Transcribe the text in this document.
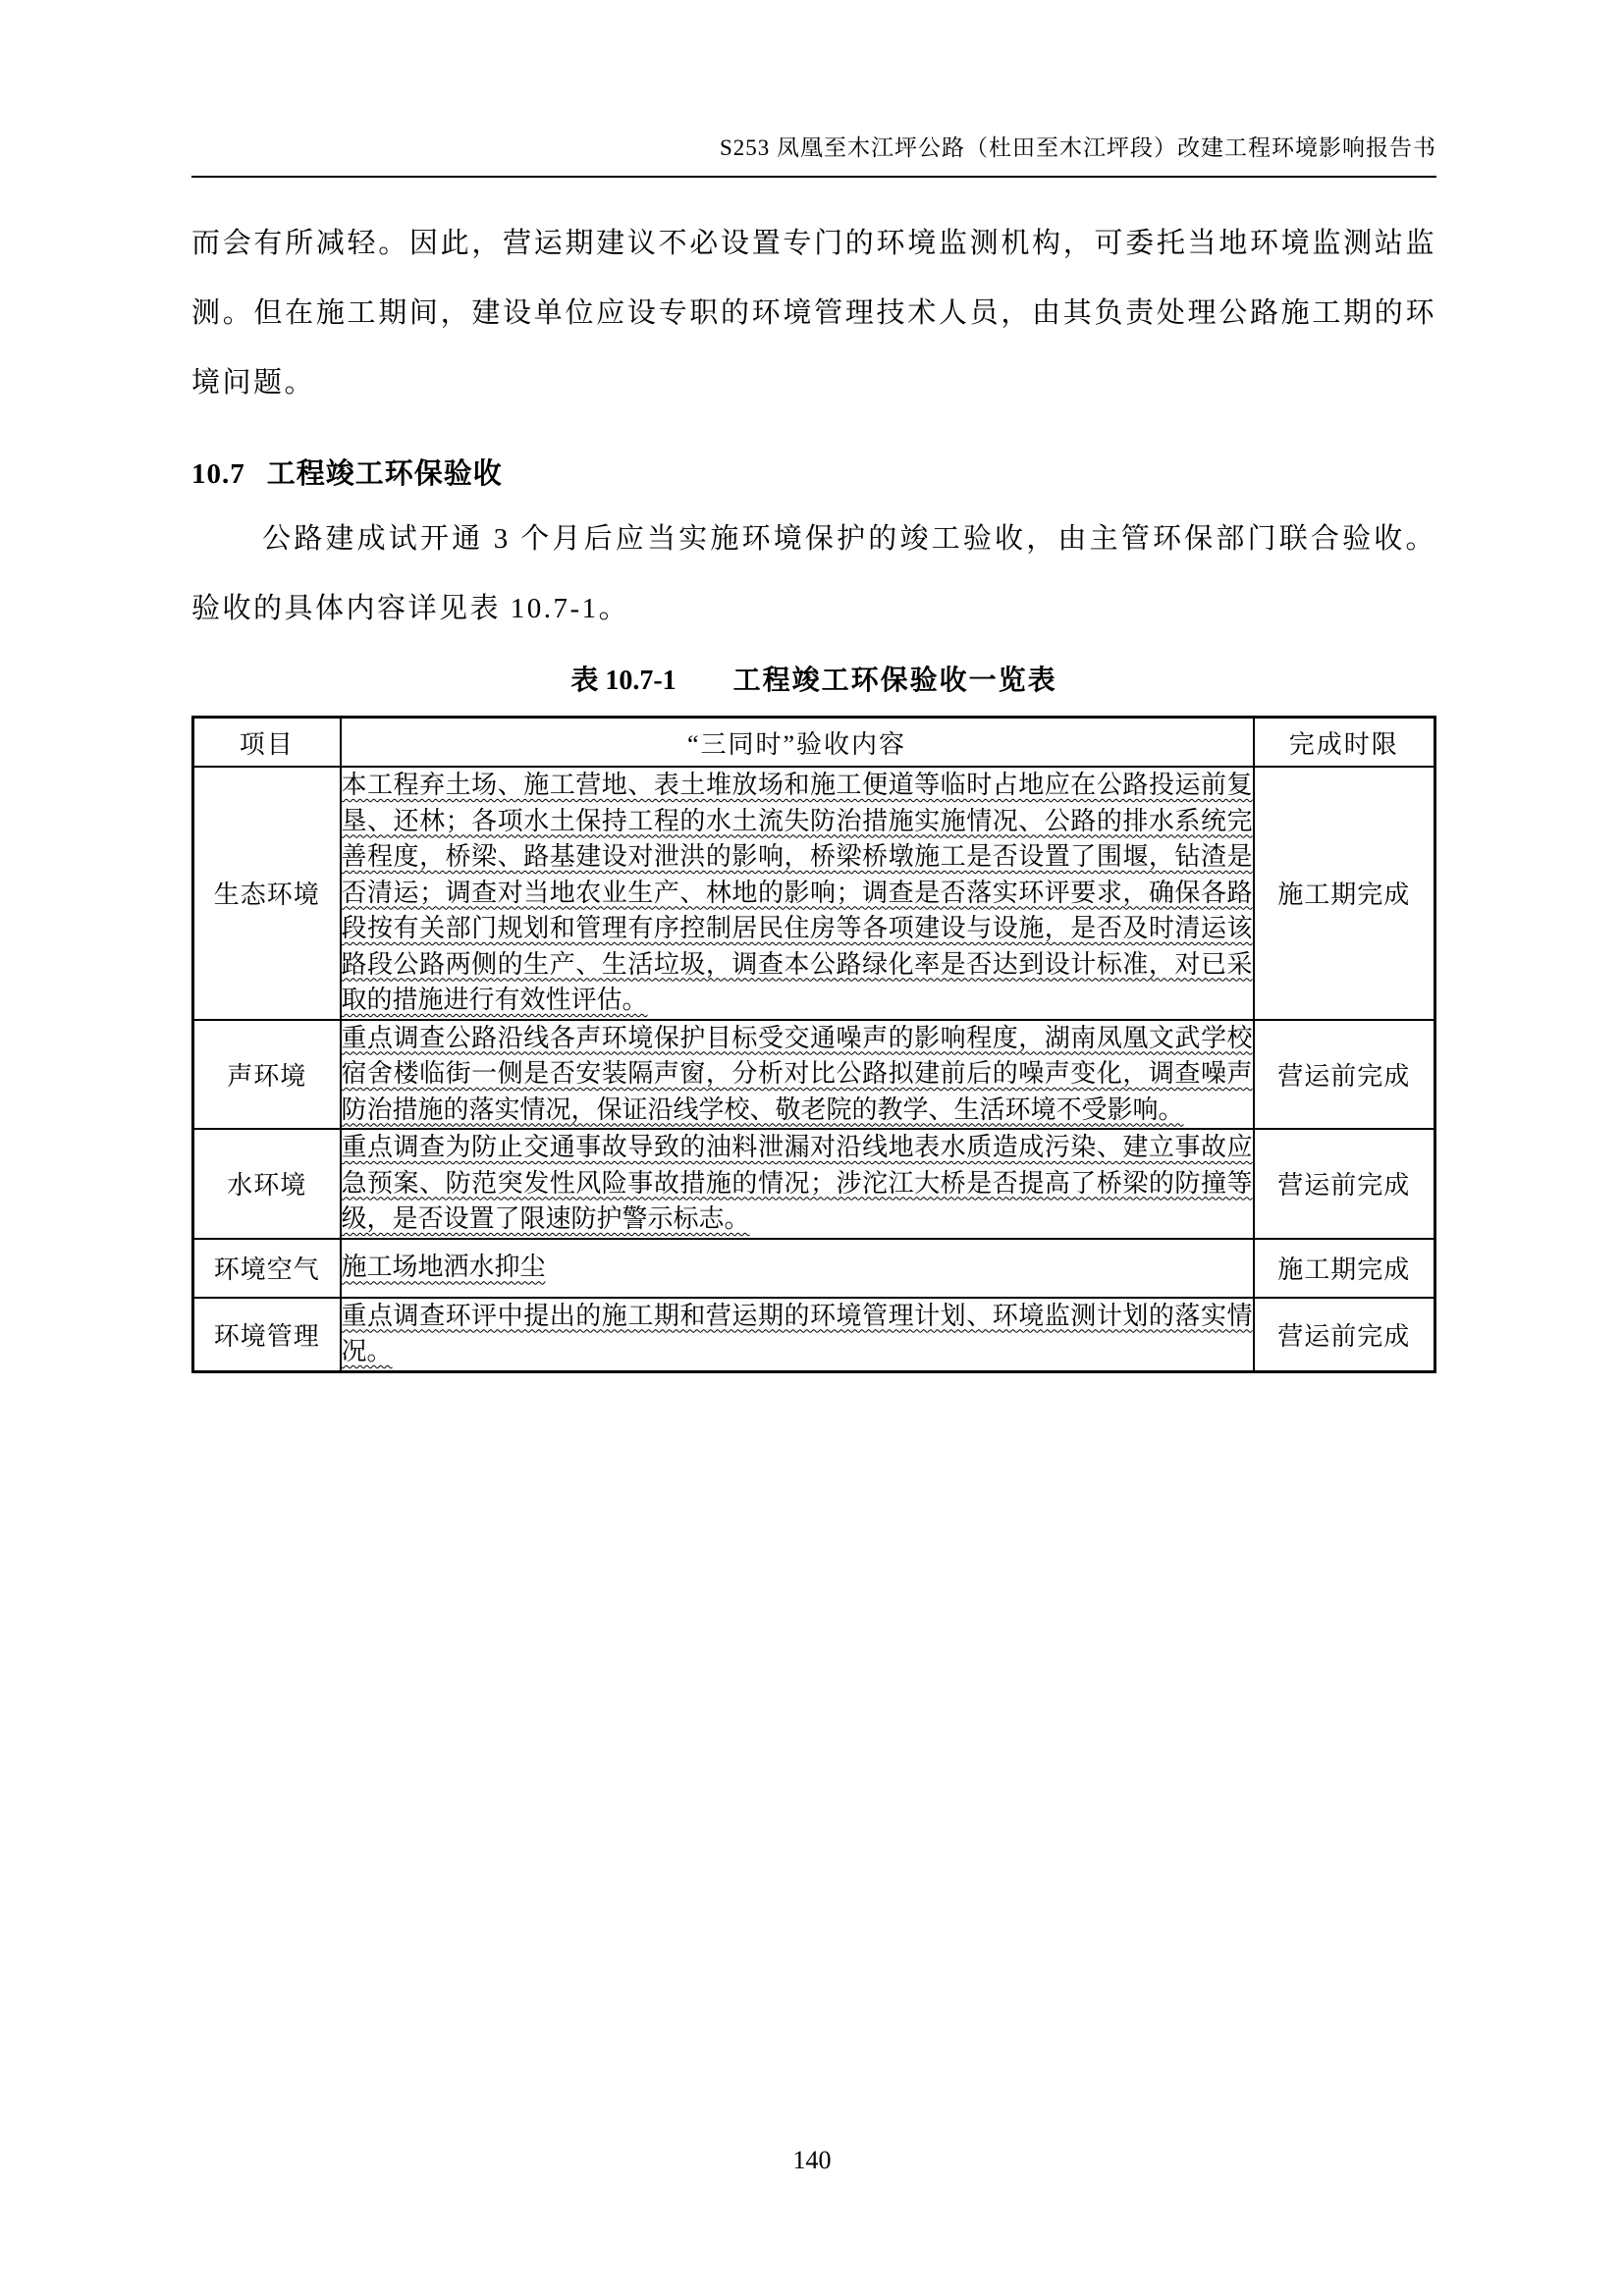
S253 凤凰至木江坪公路（杜田至木江坪段）改建工程环境影响报告书

而会有所减轻。因此，营运期建议不必设置专门的环境监测机构，可委托当地环境监测站监测。但在施工期间，建设单位应设专职的环境管理技术人员，由其负责处理公路施工期的环境问题。

10.7 工程竣工环保验收

公路建成试开通 3 个月后应当实施环境保护的竣工验收，由主管环保部门联合验收。验收的具体内容详见表 10.7-1。

表 10.7-1 工程竣工环保验收一览表
项目	“三同时”验收内容	完成时限
生态环境	本工程弃土场、施工营地、表土堆放场和施工便道等临时占地应在公路投运前复垦、还林；各项水土保持工程的水土流失防治措施实施情况、公路的排水系统完善程度，桥梁、路基建设对泄洪的影响，桥梁桥墩施工是否设置了围堰，钻渣是否清运；调查对当地农业生产、林地的影响；调查是否落实环评要求，确保各路段按有关部门规划和管理有序控制居民住房等各项建设与设施，是否及时清运该路段公路两侧的生产、生活垃圾，调查本公路绿化率是否达到设计标准，对已采取的措施进行有效性评估。	施工期完成
声环境	重点调查公路沿线各声环境保护目标受交通噪声的影响程度，湖南凤凰文武学校宿舍楼临街一侧是否安装隔声窗，分析对比公路拟建前后的噪声变化，调查噪声防治措施的落实情况，保证沿线学校、敬老院的教学、生活环境不受影响。	营运前完成
水环境	重点调查为防止交通事故导致的油料泄漏对沿线地表水质造成污染、建立事故应急预案、防范突发性风险事故措施的情况；涉沱江大桥是否提高了桥梁的防撞等级，是否设置了限速防护警示标志。	营运前完成
环境空气	施工场地洒水抑尘	施工期完成
环境管理	重点调查环评中提出的施工期和营运期的环境管理计划、环境监测计划的落实情况。	营运前完成
140
